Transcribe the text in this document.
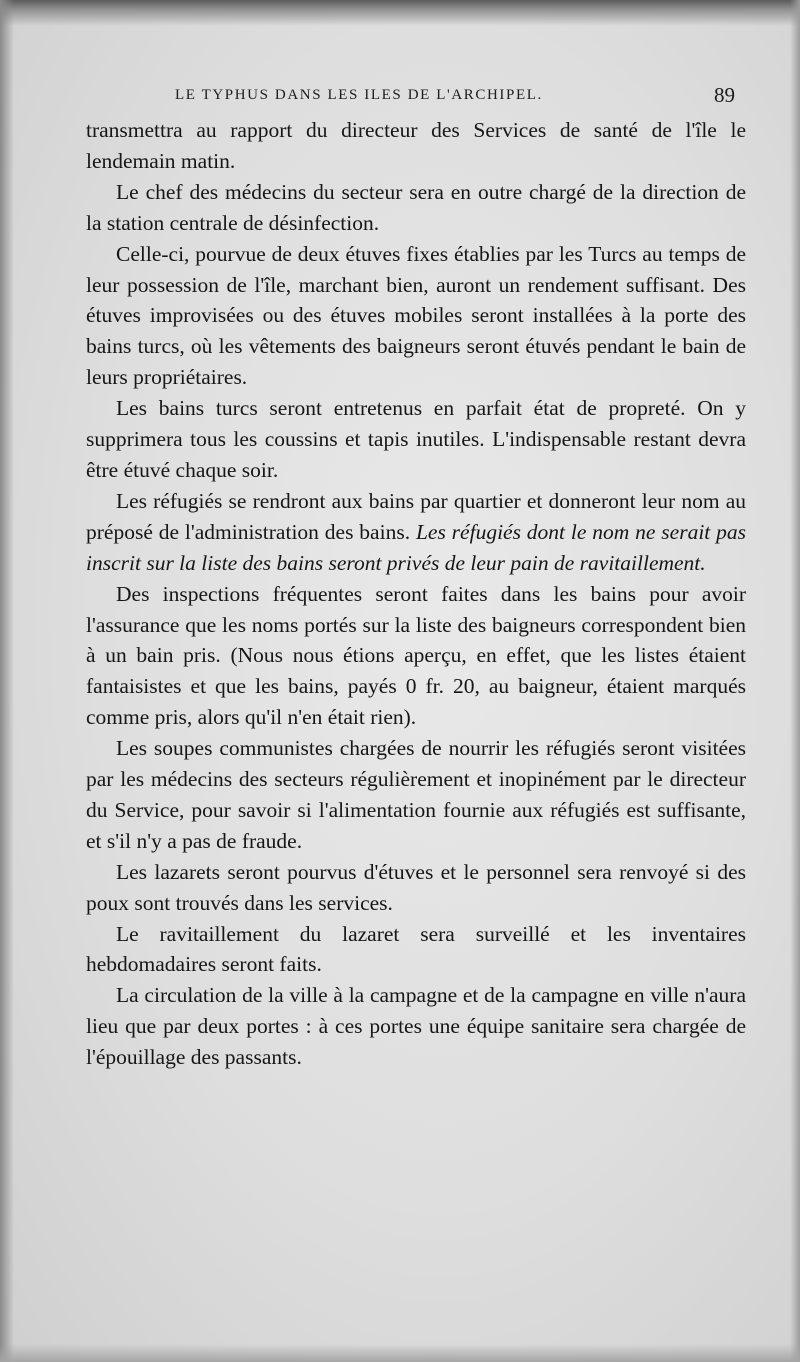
LE TYPHUS DANS LES ILES DE L'ARCHIPEL.	89

transmettra au rapport du directeur des Services de santé de l'île le lendemain matin.

Le chef des médecins du secteur sera en outre chargé de la direction de la station centrale de désinfection.

Celle-ci, pourvue de deux étuves fixes établies par les Turcs au temps de leur possession de l'île, marchant bien, auront un rendement suffisant. Des étuves improvisées ou des étuves mobiles seront installées à la porte des bains turcs, où les vêtements des baigneurs seront étuvés pendant le bain de leurs propriétaires.

Les bains turcs seront entretenus en parfait état de propreté. On y supprimera tous les coussins et tapis inutiles. L'indispensable restant devra être étuvé chaque soir.

Les réfugiés se rendront aux bains par quartier et donneront leur nom au préposé de l'administration des bains. Les réfugiés dont le nom ne serait pas inscrit sur la liste des bains seront privés de leur pain de ravitaillement.

Des inspections fréquentes seront faites dans les bains pour avoir l'assurance que les noms portés sur la liste des baigneurs correspondent bien à un bain pris. (Nous nous étions aperçu, en effet, que les listes étaient fantaisistes et que les bains, payés 0 fr. 20, au baigneur, étaient marqués comme pris, alors qu'il n'en était rien).

Les soupes communistes chargées de nourrir les réfugiés seront visitées par les médecins des secteurs régulièrement et inopinément par le directeur du Service, pour savoir si l'alimentation fournie aux réfugiés est suffisante, et s'il n'y a pas de fraude.

Les lazarets seront pourvus d'étuves et le personnel sera renvoyé si des poux sont trouvés dans les services.

Le ravitaillement du lazaret sera surveillé et les inventaires hebdomadaires seront faits.

La circulation de la ville à la campagne et de la campagne en ville n'aura lieu que par deux portes : à ces portes une équipe sanitaire sera chargée de l'épouillage des passants.
